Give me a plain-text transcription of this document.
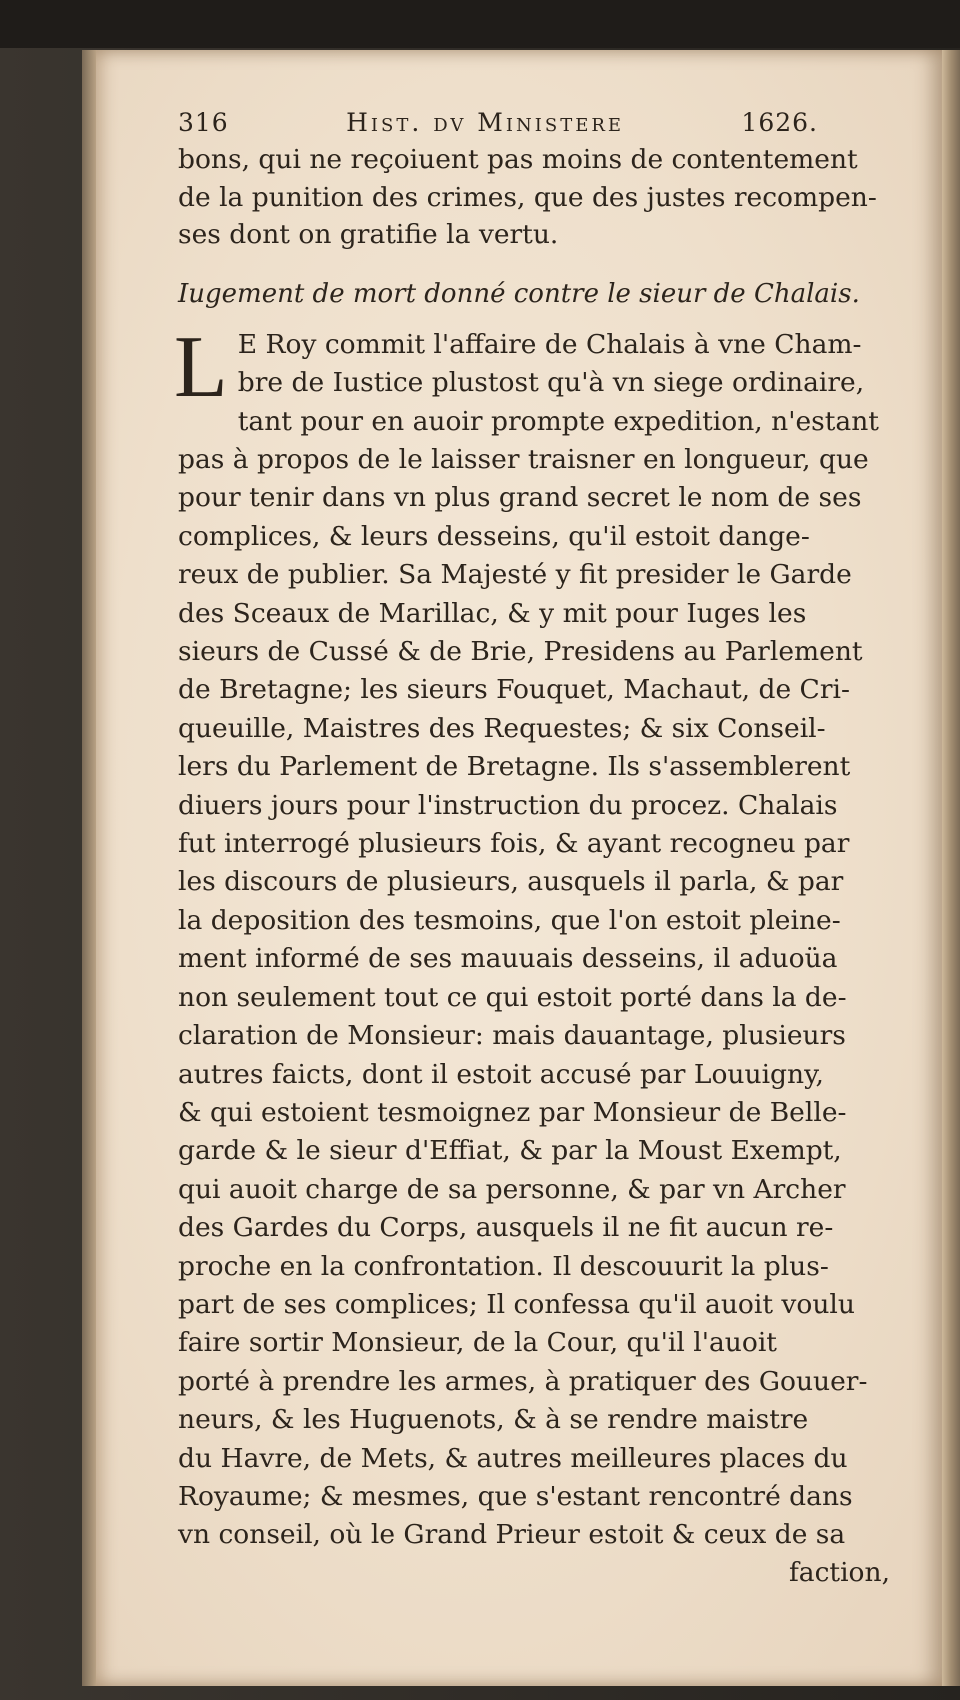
316	Hist. dv Ministere	1626.

bons, qui ne reçoiuent pas moins de contentement
de la punition des crimes, que des justes recompen-
ses dont on gratifie la vertu.

Iugement de mort donné contre le sieur de Chalais.

L E Roy commit l'affaire de Chalais à vne Cham-
bre de Iustice plustost qu'à vn siege ordinaire,
tant pour en auoir prompte expedition, n'estant
pas à propos de le laisser traisner en longueur, que
pour tenir dans vn plus grand secret le nom de ses
complices, & leurs desseins, qu'il estoit dange-
reux de publier. Sa Majesté y fit presider le Garde
des Sceaux de Marillac, & y mit pour Iuges les
sieurs de Cussé & de Brie, Presidens au Parlement
de Bretagne; les sieurs Fouquet, Machaut, de Cri-
queuille, Maistres des Requestes; & six Conseil-
lers du Parlement de Bretagne. Ils s'assemblerent
diuers jours pour l'instruction du procez. Chalais
fut interrogé plusieurs fois, & ayant recogneu par
les discours de plusieurs, ausquels il parla, & par
la deposition des tesmoins, que l'on estoit pleine-
ment informé de ses mauuais desseins, il aduoüa
non seulement tout ce qui estoit porté dans la de-
claration de Monsieur: mais dauantage, plusieurs
autres faicts, dont il estoit accusé par Louuigny,
& qui estoient tesmoignez par Monsieur de Belle-
garde & le sieur d'Effiat, & par la Moust Exempt,
qui auoit charge de sa personne, & par vn Archer
des Gardes du Corps, ausquels il ne fit aucun re-
proche en la confrontation. Il descouurit la plus-
part de ses complices; Il confessa qu'il auoit voulu
faire sortir Monsieur, de la Cour, qu'il l'auoit
porté à prendre les armes, à pratiquer des Gouuer-
neurs, & les Huguenots, & à se rendre maistre
du Havre, de Mets, & autres meilleures places du
Royaume; & mesmes, que s'estant rencontré dans
vn conseil, où le Grand Prieur estoit & ceux de sa

faction,
